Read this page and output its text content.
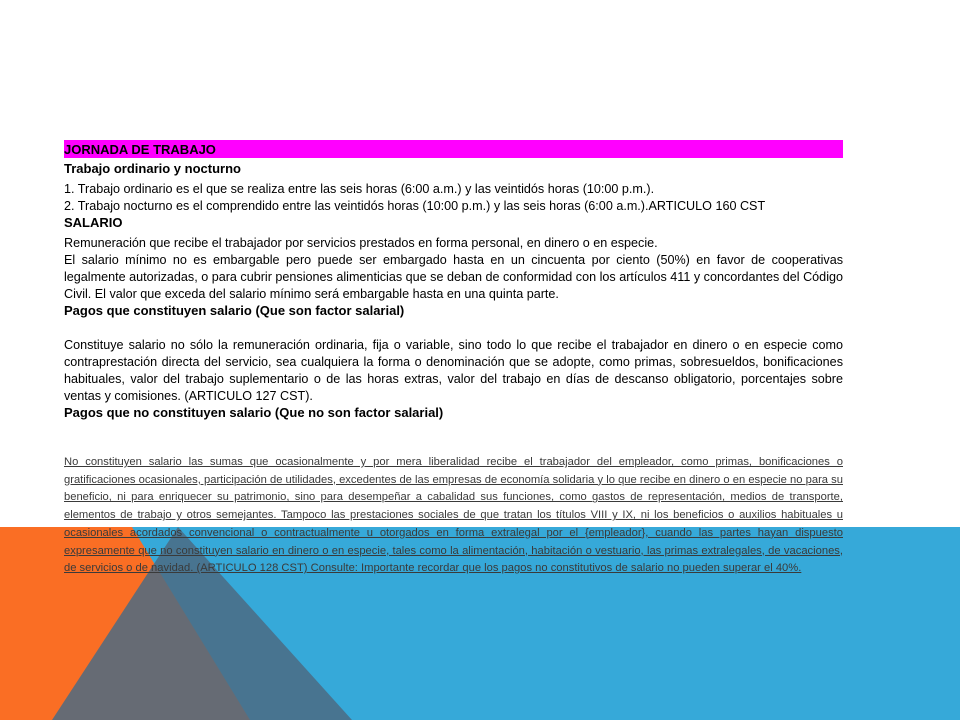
JORNADA DE TRABAJO
Trabajo ordinario y nocturno
1. Trabajo ordinario es el que se realiza entre las seis horas (6:00 a.m.) y las veintidós horas (10:00 p.m.).
2. Trabajo nocturno es el comprendido entre las veintidós horas (10:00 p.m.) y las seis horas (6:00 a.m.).ARTICULO 160 CST
SALARIO
Remuneración que recibe el trabajador por servicios prestados en forma personal, en dinero o en especie.
El salario mínimo no es embargable pero puede ser embargado hasta en un cincuenta por ciento (50%) en favor de cooperativas legalmente autorizadas, o para cubrir pensiones alimenticias que se deban de conformidad con los artículos 411 y concordantes del Código Civil. El valor que exceda del salario mínimo será embargable hasta en una quinta parte.
Pagos que constituyen salario (Que son factor salarial)
Constituye salario no sólo la remuneración ordinaria, fija o variable, sino todo lo que recibe el trabajador en dinero o en especie como contraprestación directa del servicio, sea cualquiera la forma o denominación que se adopte, como primas, sobresueldos, bonificaciones habituales, valor del trabajo suplementario o de las horas extras, valor del trabajo en días de descanso obligatorio, porcentajes sobre ventas y comisiones. (ARTICULO 127 CST).
Pagos que no constituyen salario (Que no son factor salarial)
No constituyen salario las sumas que ocasionalmente y por mera liberalidad recibe el trabajador del empleador, como primas, bonificaciones o gratificaciones ocasionales, participación de utilidades, excedentes de las empresas de economía solidaria y lo que recibe en dinero o en especie no para su beneficio, ni para enriquecer su patrimonio, sino para desempeñar a cabalidad sus funciones, como gastos de representación, medios de transporte, elementos de trabajo y otros semejantes. Tampoco las prestaciones sociales de que tratan los títulos VIII y IX, ni los beneficios o auxilios habituales u ocasionales acordados convencional o contractualmente u otorgados en forma extralegal por el {empleador}, cuando las partes hayan dispuesto expresamente que no constituyen salario en dinero o en especie, tales como la alimentación, habitación o vestuario, las primas extralegales, de vacaciones, de servicios o de navidad. (ARTICULO 128 CST) Consulte: Importante recordar que los pagos no constitutivos de salario no pueden superar el 40%.
